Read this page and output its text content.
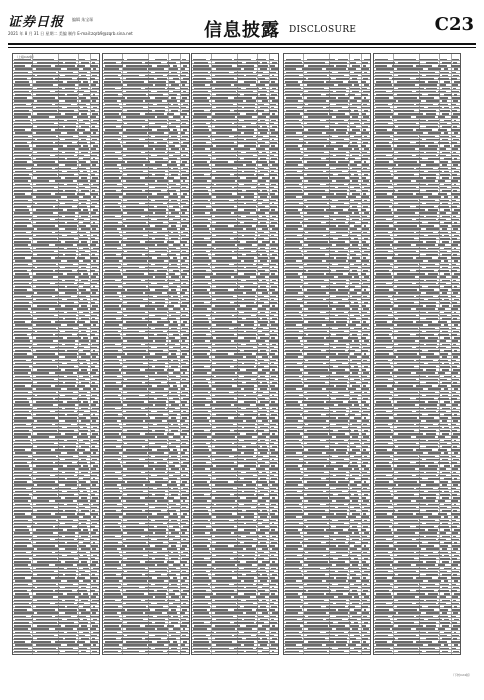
证券日报 编辑 朱宝琛
2021 年 8 月 31 日 星期二 美编 制作 E-mail:zqrb9@zqrb.sina.net	信息披露 DISCLOSURE	C23
（上接C22版）
（下转C24版）
